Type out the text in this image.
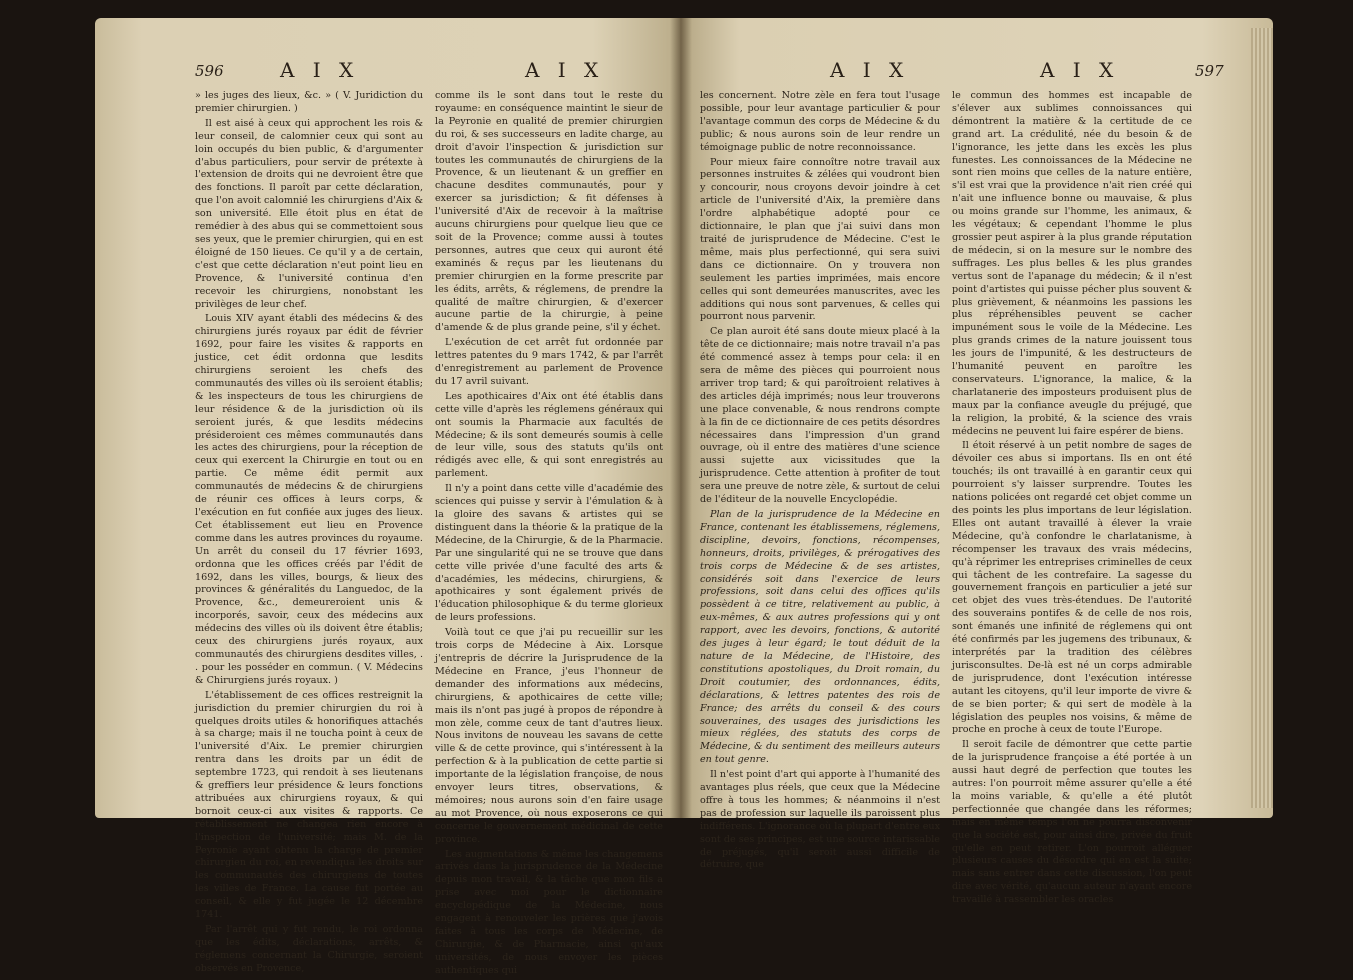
596	A I X	A I X

» les juges des lieux, &c. » ( V. Juridiction du premier chirurgien. )

Il est aisé à ceux qui approchent les rois & leur conseil, de calomnier ceux qui sont au loin occupés du bien public, & d'argumenter d'abus particuliers, pour servir de prétexte à l'extension de droits qui ne devroient être que des fonctions. Il paroît par cette déclaration, que l'on avoit calomnié les chirurgiens d'Aix & son université. Elle étoit plus en état de remédier à des abus qui se commettoient sous ses yeux, que le premier chirurgien, qui en est éloigné de 150 lieues. Ce qu'il y a de certain, c'est que cette déclaration n'eut point lieu en Provence, & l'université continua d'en recevoir les chirurgiens, nonobstant les privilèges de leur chef.

Louis XIV ayant établi des médecins & des chirurgiens jurés royaux par édit de février 1692, pour faire les visites & rapports en justice, cet édit ordonna que lesdits chirurgiens seroient les chefs des communautés des villes où ils seroient établis; & les inspecteurs de tous les chirurgiens de leur résidence & de la jurisdiction où ils seroient jurés, & que lesdits médecins présideroient ces mêmes communautés dans les actes des chirurgiens, pour la réception de ceux qui exercent la Chirurgie en tout ou en partie. Ce même édit permit aux communautés de médecins & de chirurgiens de réunir ces offices à leurs corps, & l'exécution en fut confiée aux juges des lieux. Cet établissement eut lieu en Provence comme dans les autres provinces du royaume. Un arrêt du conseil du 17 février 1693, ordonna que les offices créés par l'édit de 1692, dans les villes, bourgs, & lieux des provinces & généralités du Languedoc, de la Provence, &c., demeureroient unis & incorporés, savoir, ceux des médecins aux médecins des villes où ils doivent être établis; ceux des chirurgiens jurés royaux, aux communautés des chirurgiens desdites villes, . . pour les posséder en commun. ( V. Médecins & Chirurgiens jurés royaux. )

L'établissement de ces offices restreignit la jurisdiction du premier chirurgien du roi à quelques droits utiles & honorifiques attachés à sa charge; mais il ne toucha point à ceux de l'université d'Aix. Le premier chirurgien rentra dans les droits par un édit de septembre 1723, qui rendoit à ses lieutenans & greffiers leur présidence & leurs fonctions attribuées aux chirurgiens royaux, & qui bornoit ceux-ci aux visites & rapports. Ce rétablissement ne changea rien encore à l'inspection de l'université; mais M. de la Peyronie ayant obtenu la charge de premier chirurgien du roi, en revendiqua les droits sur les communautés des chirurgiens de toutes les villes de France. La cause fut portée au conseil, & elle y fut jugée le 12 décembre 1741.

Par l'arrêt qui y fut rendu, le roi ordonna que les édits, déclarations, arrêts, & réglemens concernant la Chirurgie, seroient observés en Provence,

comme ils le sont dans tout le reste du royaume: en conséquence maintint le sieur de la Peyronie en qualité de premier chirurgien du roi, & ses successeurs en ladite charge, au droit d'avoir l'inspection & jurisdiction sur toutes les communautés de chirurgiens de la Provence, & un lieutenant & un greffier en chacune desdites communautés, pour y exercer sa jurisdiction; & fit défenses à l'université d'Aix de recevoir à la maîtrise aucuns chirurgiens pour quelque lieu que ce soit de la Provence; comme aussi à toutes personnes, autres que ceux qui auront été examinés & reçus par les lieutenans du premier chirurgien en la forme prescrite par les édits, arrêts, & réglemens, de prendre la qualité de maître chirurgien, & d'exercer aucune partie de la chirurgie, à peine d'amende & de plus grande peine, s'il y échet.

L'exécution de cet arrêt fut ordonnée par lettres patentes du 9 mars 1742, & par l'arrêt d'enregistrement au parlement de Provence du 17 avril suivant.

Les apothicaires d'Aix ont été établis dans cette ville d'après les réglemens généraux qui ont soumis la Pharmacie aux facultés de Médecine; & ils sont demeurés soumis à celle de leur ville, sous des statuts qu'ils ont rédigés avec elle, & qui sont enregistrés au parlement.

Il n'y a point dans cette ville d'académie des sciences qui puisse y servir à l'émulation & à la gloire des savans & artistes qui se distinguent dans la théorie & la pratique de la Médecine, de la Chirurgie, & de la Pharmacie. Par une singularité qui ne se trouve que dans cette ville privée d'une faculté des arts & d'académies, les médecins, chirurgiens, & apothicaires y sont également privés de l'éducation philosophique & du terme glorieux de leurs professions.

Voilà tout ce que j'ai pu recueillir sur les trois corps de Médecine à Aix. Lorsque j'entrepris de décrire la Jurisprudence de la Médecine en France, j'eus l'honneur de demander des informations aux médecins, chirurgiens, & apothicaires de cette ville; mais ils n'ont pas jugé à propos de répondre à mon zèle, comme ceux de tant d'autres lieux. Nous invitons de nouveau les savans de cette ville & de cette province, qui s'intéressent à la perfection & à la publication de cette partie si importante de la législation françoise, de nous envoyer leurs titres, observations, & mémoires; nous aurons soin d'en faire usage au mot Provence, où nous exposerons ce qui concerne le gouvernement médicinal de cette province.

Les augmentations & même les changemens arrivés dans la jurisprudence de la Médecine depuis mon travail, & la tâche que mon fils a prise avec moi pour le dictionnaire encyclopédique de la Médecine, nous engagent à renouveler les prières que j'avois faites à tous les corps de Médecine, de Chirurgie, & de Pharmacie, ainsi qu'aux universités, de nous envoyer les pièces authentiques qui

A I X	A I X	597

les concernent. Notre zèle en fera tout l'usage possible, pour leur avantage particulier & pour l'avantage commun des corps de Médecine & du public; & nous aurons soin de leur rendre un témoignage public de notre reconnoissance.

Pour mieux faire connoître notre travail aux personnes instruites & zélées qui voudront bien y concourir, nous croyons devoir joindre à cet article de l'université d'Aix, la première dans l'ordre alphabétique adopté pour ce dictionnaire, le plan que j'ai suivi dans mon traité de jurisprudence de Médecine. C'est le même, mais plus perfectionné, qui sera suivi dans ce dictionnaire. On y trouvera non seulement les parties imprimées, mais encore celles qui sont demeurées manuscrites, avec les additions qui nous sont parvenues, & celles qui pourront nous parvenir.

Ce plan auroit été sans doute mieux placé à la tête de ce dictionnaire; mais notre travail n'a pas été commencé assez à temps pour cela: il en sera de même des pièces qui pourroient nous arriver trop tard; & qui paroîtroient relatives à des articles déjà imprimés; nous leur trouverons une place convenable, & nous rendrons compte à la fin de ce dictionnaire de ces petits désordres nécessaires dans l'impression d'un grand ouvrage, où il entre des matières d'une science aussi sujette aux vicissitudes que la jurisprudence. Cette attention à profiter de tout sera une preuve de notre zèle, & surtout de celui de l'éditeur de la nouvelle Encyclopédie.

Plan de la jurisprudence de la Médecine en France, contenant les établissemens, réglemens, discipline, devoirs, fonctions, récompenses, honneurs, droits, privilèges, & prérogatives des trois corps de Médecine & de ses artistes, considérés soit dans l'exercice de leurs professions, soit dans celui des offices qu'ils possèdent à ce titre, relativement au public, à eux-mêmes, & aux autres professions qui y ont rapport, avec les devoirs, fonctions, & autorité des juges à leur égard; le tout déduit de la nature de la Médecine, de l'Histoire, des constitutions apostoliques, du Droit romain, du Droit coutumier, des ordonnances, édits, déclarations, & lettres patentes des rois de France; des arrêts du conseil & des cours souveraines, des usages des jurisdictions les mieux réglées, des statuts des corps de Médecine, & du sentiment des meilleurs auteurs en tout genre.

Il n'est point d'art qui apporte à l'humanité des avantages plus réels, que ceux que la Médecine offre à tous les hommes; & néanmoins il n'est pas de profession sur laquelle ils paroissent plus indifférens. L'ignorance où la plupart d'entre eux sont de ses principes, est une source intarissable de préjugés, qu'il seroit aussi difficile de détruire, que

le commun des hommes est incapable de s'élever aux sublimes connoissances qui démontrent la matière & la certitude de ce grand art. La crédulité, née du besoin & de l'ignorance, les jette dans les excès les plus funestes. Les connoissances de la Médecine ne sont rien moins que celles de la nature entière, s'il est vrai que la providence n'ait rien créé qui n'ait une influence bonne ou mauvaise, & plus ou moins grande sur l'homme, les animaux, & les végétaux; & cependant l'homme le plus grossier peut aspirer à la plus grande réputation de médecin, si on la mesure sur le nombre des suffrages. Les plus belles & les plus grandes vertus sont de l'apanage du médecin; & il n'est point d'artistes qui puisse pécher plus souvent & plus grièvement, & néanmoins les passions les plus répréhensibles peuvent se cacher impunément sous le voile de la Médecine. Les plus grands crimes de la nature jouissent tous les jours de l'impunité, & les destructeurs de l'humanité peuvent en paroître les conservateurs. L'ignorance, la malice, & la charlatanerie des imposteurs produisent plus de maux par la confiance aveugle du préjugé, que la religion, la probité, & la science des vrais médecins ne peuvent lui faire espérer de biens.

Il étoit réservé à un petit nombre de sages de dévoiler ces abus si importans. Ils en ont été touchés; ils ont travaillé à en garantir ceux qui pourroient s'y laisser surprendre. Toutes les nations policées ont regardé cet objet comme un des points les plus importans de leur législation. Elles ont autant travaillé à élever la vraie Médecine, qu'à confondre le charlatanisme, à récompenser les travaux des vrais médecins, qu'à réprimer les entreprises criminelles de ceux qui tâchent de les contrefaire. La sagesse du gouvernement françois en particulier a jeté sur cet objet des vues très-étendues. De l'autorité des souverains pontifes & de celle de nos rois, sont émanés une infinité de réglemens qui ont été confirmés par les jugemens des tribunaux, & interprétés par la tradition des célèbres jurisconsultes. De-là est né un corps admirable de jurisprudence, dont l'exécution intéresse autant les citoyens, qu'il leur importe de vivre & de se bien porter; & qui sert de modèle à la législation des peuples nos voisins, & même de proche en proche à ceux de toute l'Europe.

Il seroit facile de démontrer que cette partie de la jurisprudence françoise a été portée à un aussi haut degré de perfection que toutes les autres: l'on pourroit même assurer qu'elle a été la moins variable, & qu'elle a été plutôt perfectionnée que changée dans les réformes; mais en même temps l'on ne pourra disconvenir que la société est, pour ainsi dire, privée du fruit qu'elle en peut retirer. L'on pourroit alléguer plusieurs causes du désordre qui en est la suite; mais sans entrer dans cette discussion, l'on peut dire avec vérité, qu'aucun auteur n'ayant encore travaillé à rassembler les oracles
